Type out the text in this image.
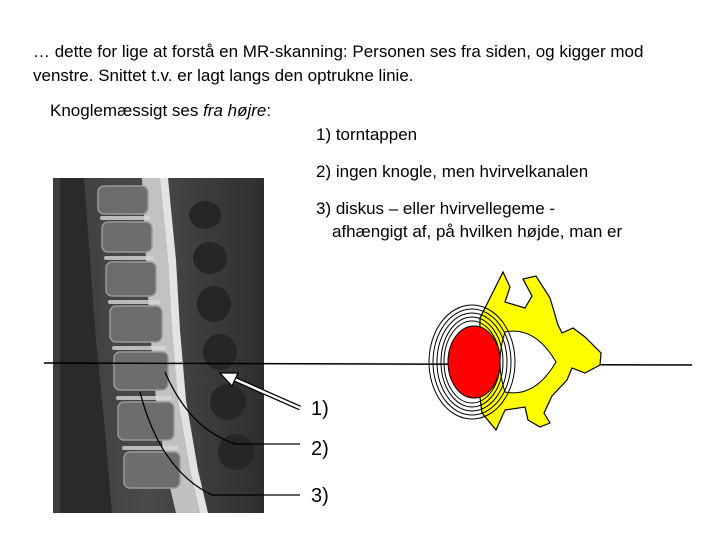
… dette for lige at forstå en MR-skanning: Personen ses fra siden, og kigger mod venstre. Snittet t.v. er lagt langs den optrukne linie.

Knoglemæssigt ses fra højre:
1) torntappen
2) ingen knogle, men hvirvelkanalen
3) diskus – eller hvirvellegeme -
afhængigt af, på hvilken højde, man er
1)
2)
3)
